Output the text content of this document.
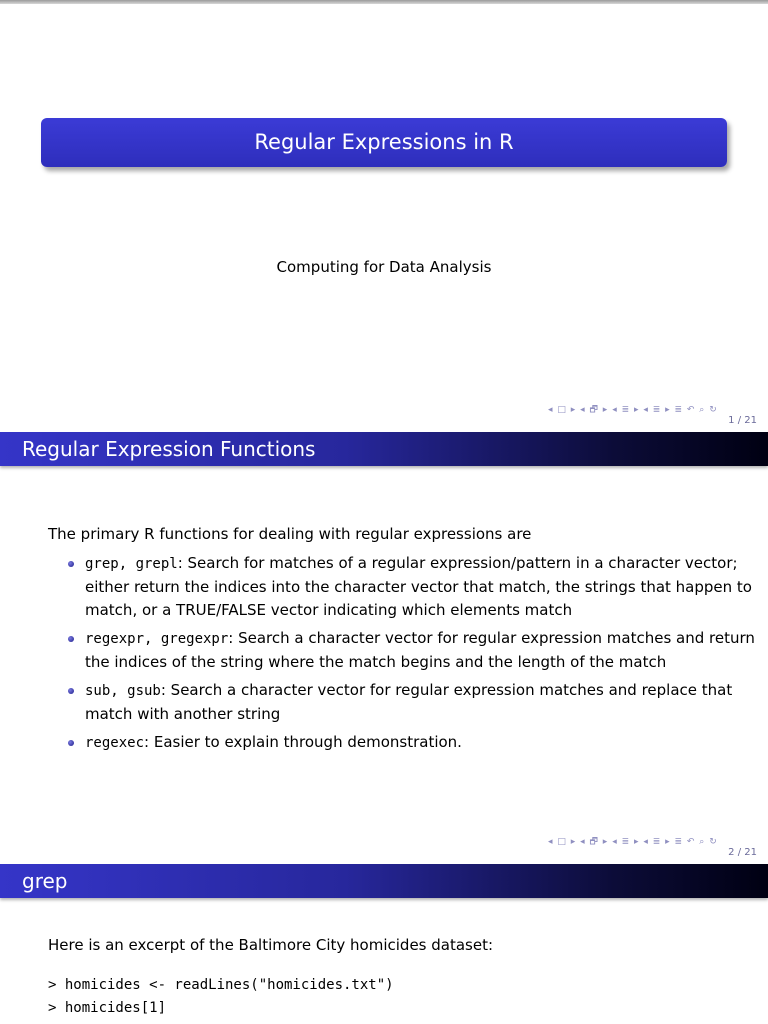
Regular Expressions in R
Computing for Data Analysis
◂ □ ▸ ◂ 🗗 ▸ ◂ ≣ ▸ ◂ ≣ ▸ ≣ ↶ ⌕ ↻
1 / 21
Regular Expression Functions
The primary R functions for dealing with regular expressions are
grep, grepl: Search for matches of a regular expression/pattern in a character vector; either return the indices into the character vector that match, the strings that happen to match, or a TRUE/FALSE vector indicating which elements match
regexpr, gregexpr: Search a character vector for regular expression matches and return the indices of the string where the match begins and the length of the match
sub, gsub: Search a character vector for regular expression matches and replace that match with another string
regexec: Easier to explain through demonstration.
◂ □ ▸ ◂ 🗗 ▸ ◂ ≣ ▸ ◂ ≣ ▸ ≣ ↶ ⌕ ↻
2 / 21
grep
Here is an excerpt of the Baltimore City homicides dataset:
> homicides <- readLines("homicides.txt")
> homicides[1]
